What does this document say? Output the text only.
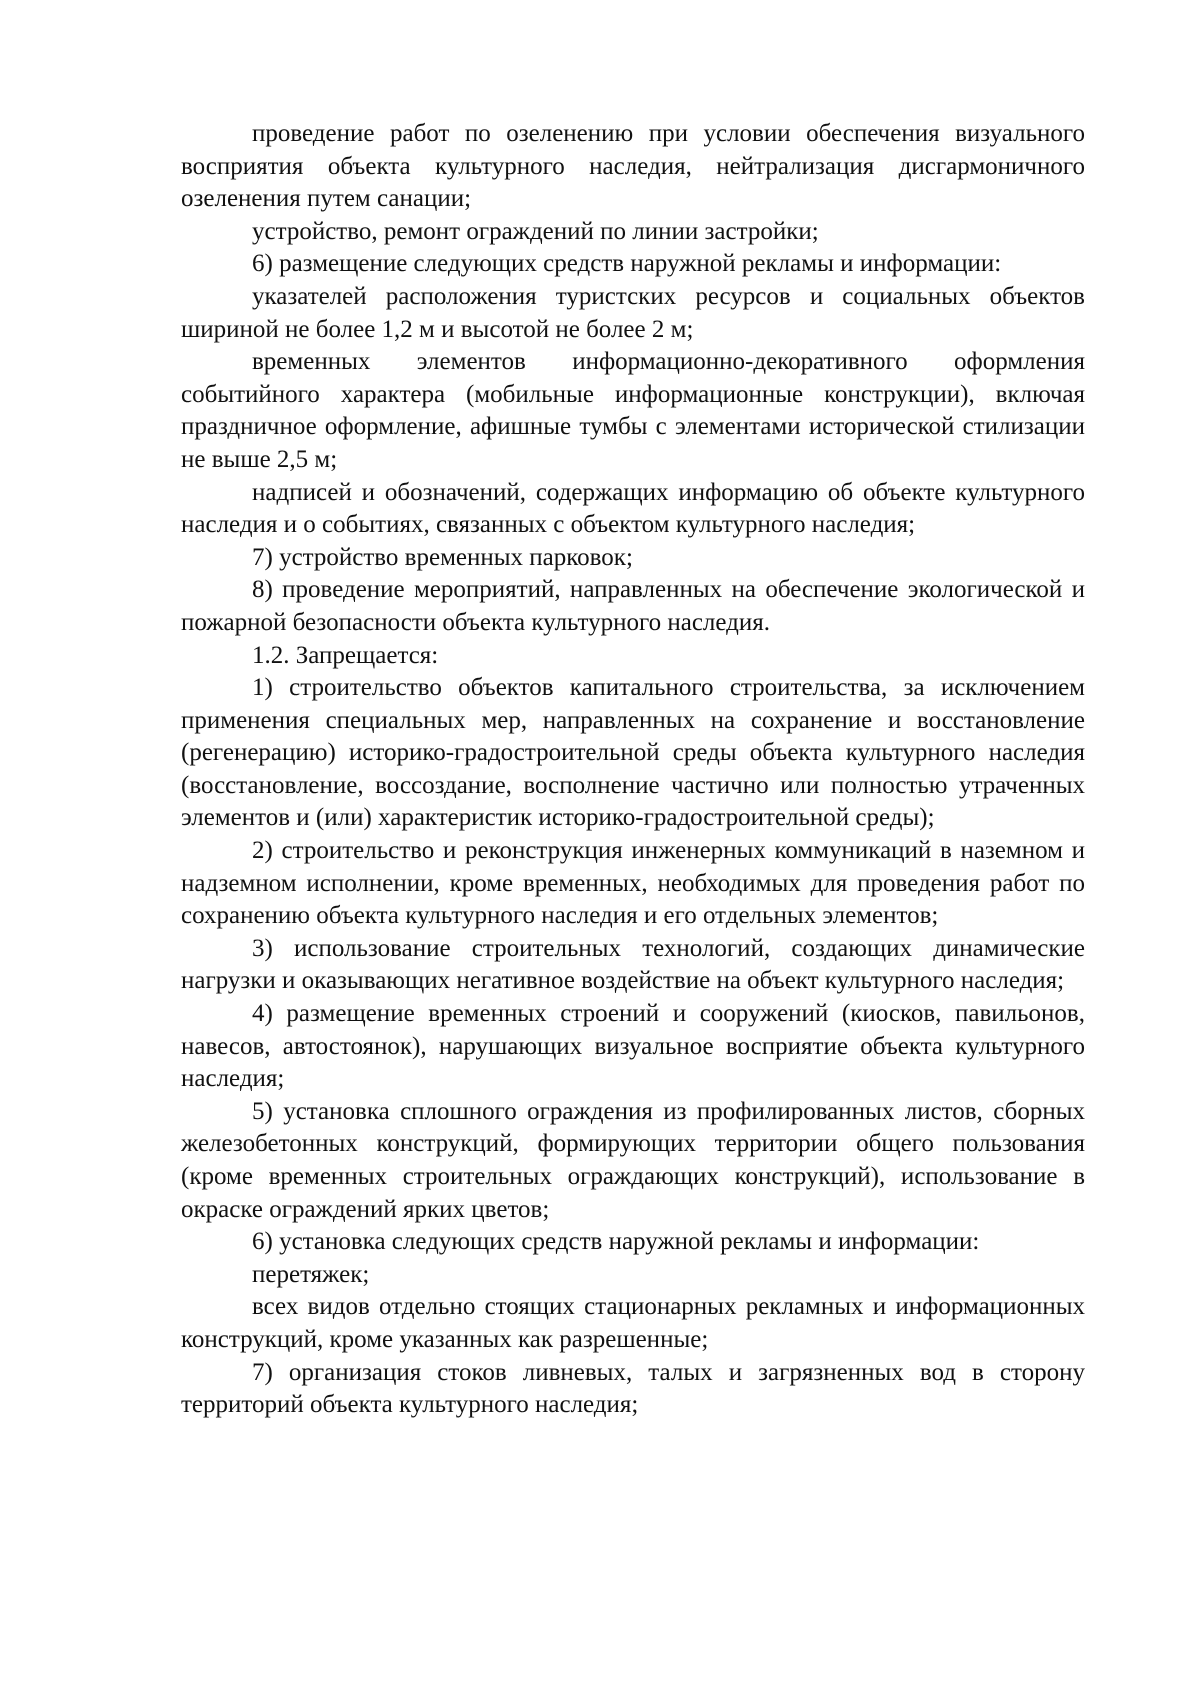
проведение работ по озеленению при условии обеспечения визуального восприятия объекта культурного наследия, нейтрализация дисгармоничного озеленения путем санации;

устройство, ремонт ограждений по линии застройки;

6) размещение следующих средств наружной рекламы и информации:

указателей расположения туристских ресурсов и социальных объектов шириной не более 1,2 м и высотой не более 2 м;

временных элементов информационно-декоративного оформления событийного характера (мобильные информационные конструкции), включая праздничное оформление, афишные тумбы с элементами исторической стилизации не выше 2,5 м;

надписей и обозначений, содержащих информацию об объекте культурного наследия и о событиях, связанных с объектом культурного наследия;

7) устройство временных парковок;

8) проведение мероприятий, направленных на обеспечение экологической и пожарной безопасности объекта культурного наследия.

1.2. Запрещается:

1) строительство объектов капитального строительства, за исключением применения специальных мер, направленных на сохранение и восстановление (регенерацию) историко-градостроительной среды объекта культурного наследия (восстановление, воссоздание, восполнение частично или полностью утраченных элементов и (или) характеристик историко-градостроительной среды);

2) строительство и реконструкция инженерных коммуникаций в наземном и надземном исполнении, кроме временных, необходимых для проведения работ по сохранению объекта культурного наследия и его отдельных элементов;

3) использование строительных технологий, создающих динамические нагрузки и оказывающих негативное воздействие на объект культурного наследия;

4) размещение временных строений и сооружений (киосков, павильонов, навесов, автостоянок), нарушающих визуальное восприятие объекта культурного наследия;

5) установка сплошного ограждения из профилированных листов, сборных железобетонных конструкций, формирующих территории общего пользования (кроме временных строительных ограждающих конструкций), использование в окраске ограждений ярких цветов;

6) установка следующих средств наружной рекламы и информации:

перетяжек;

всех видов отдельно стоящих стационарных рекламных и информационных конструкций, кроме указанных как разрешенные;

7) организация стоков ливневых, талых и загрязненных вод в сторону территорий объекта культурного наследия;
